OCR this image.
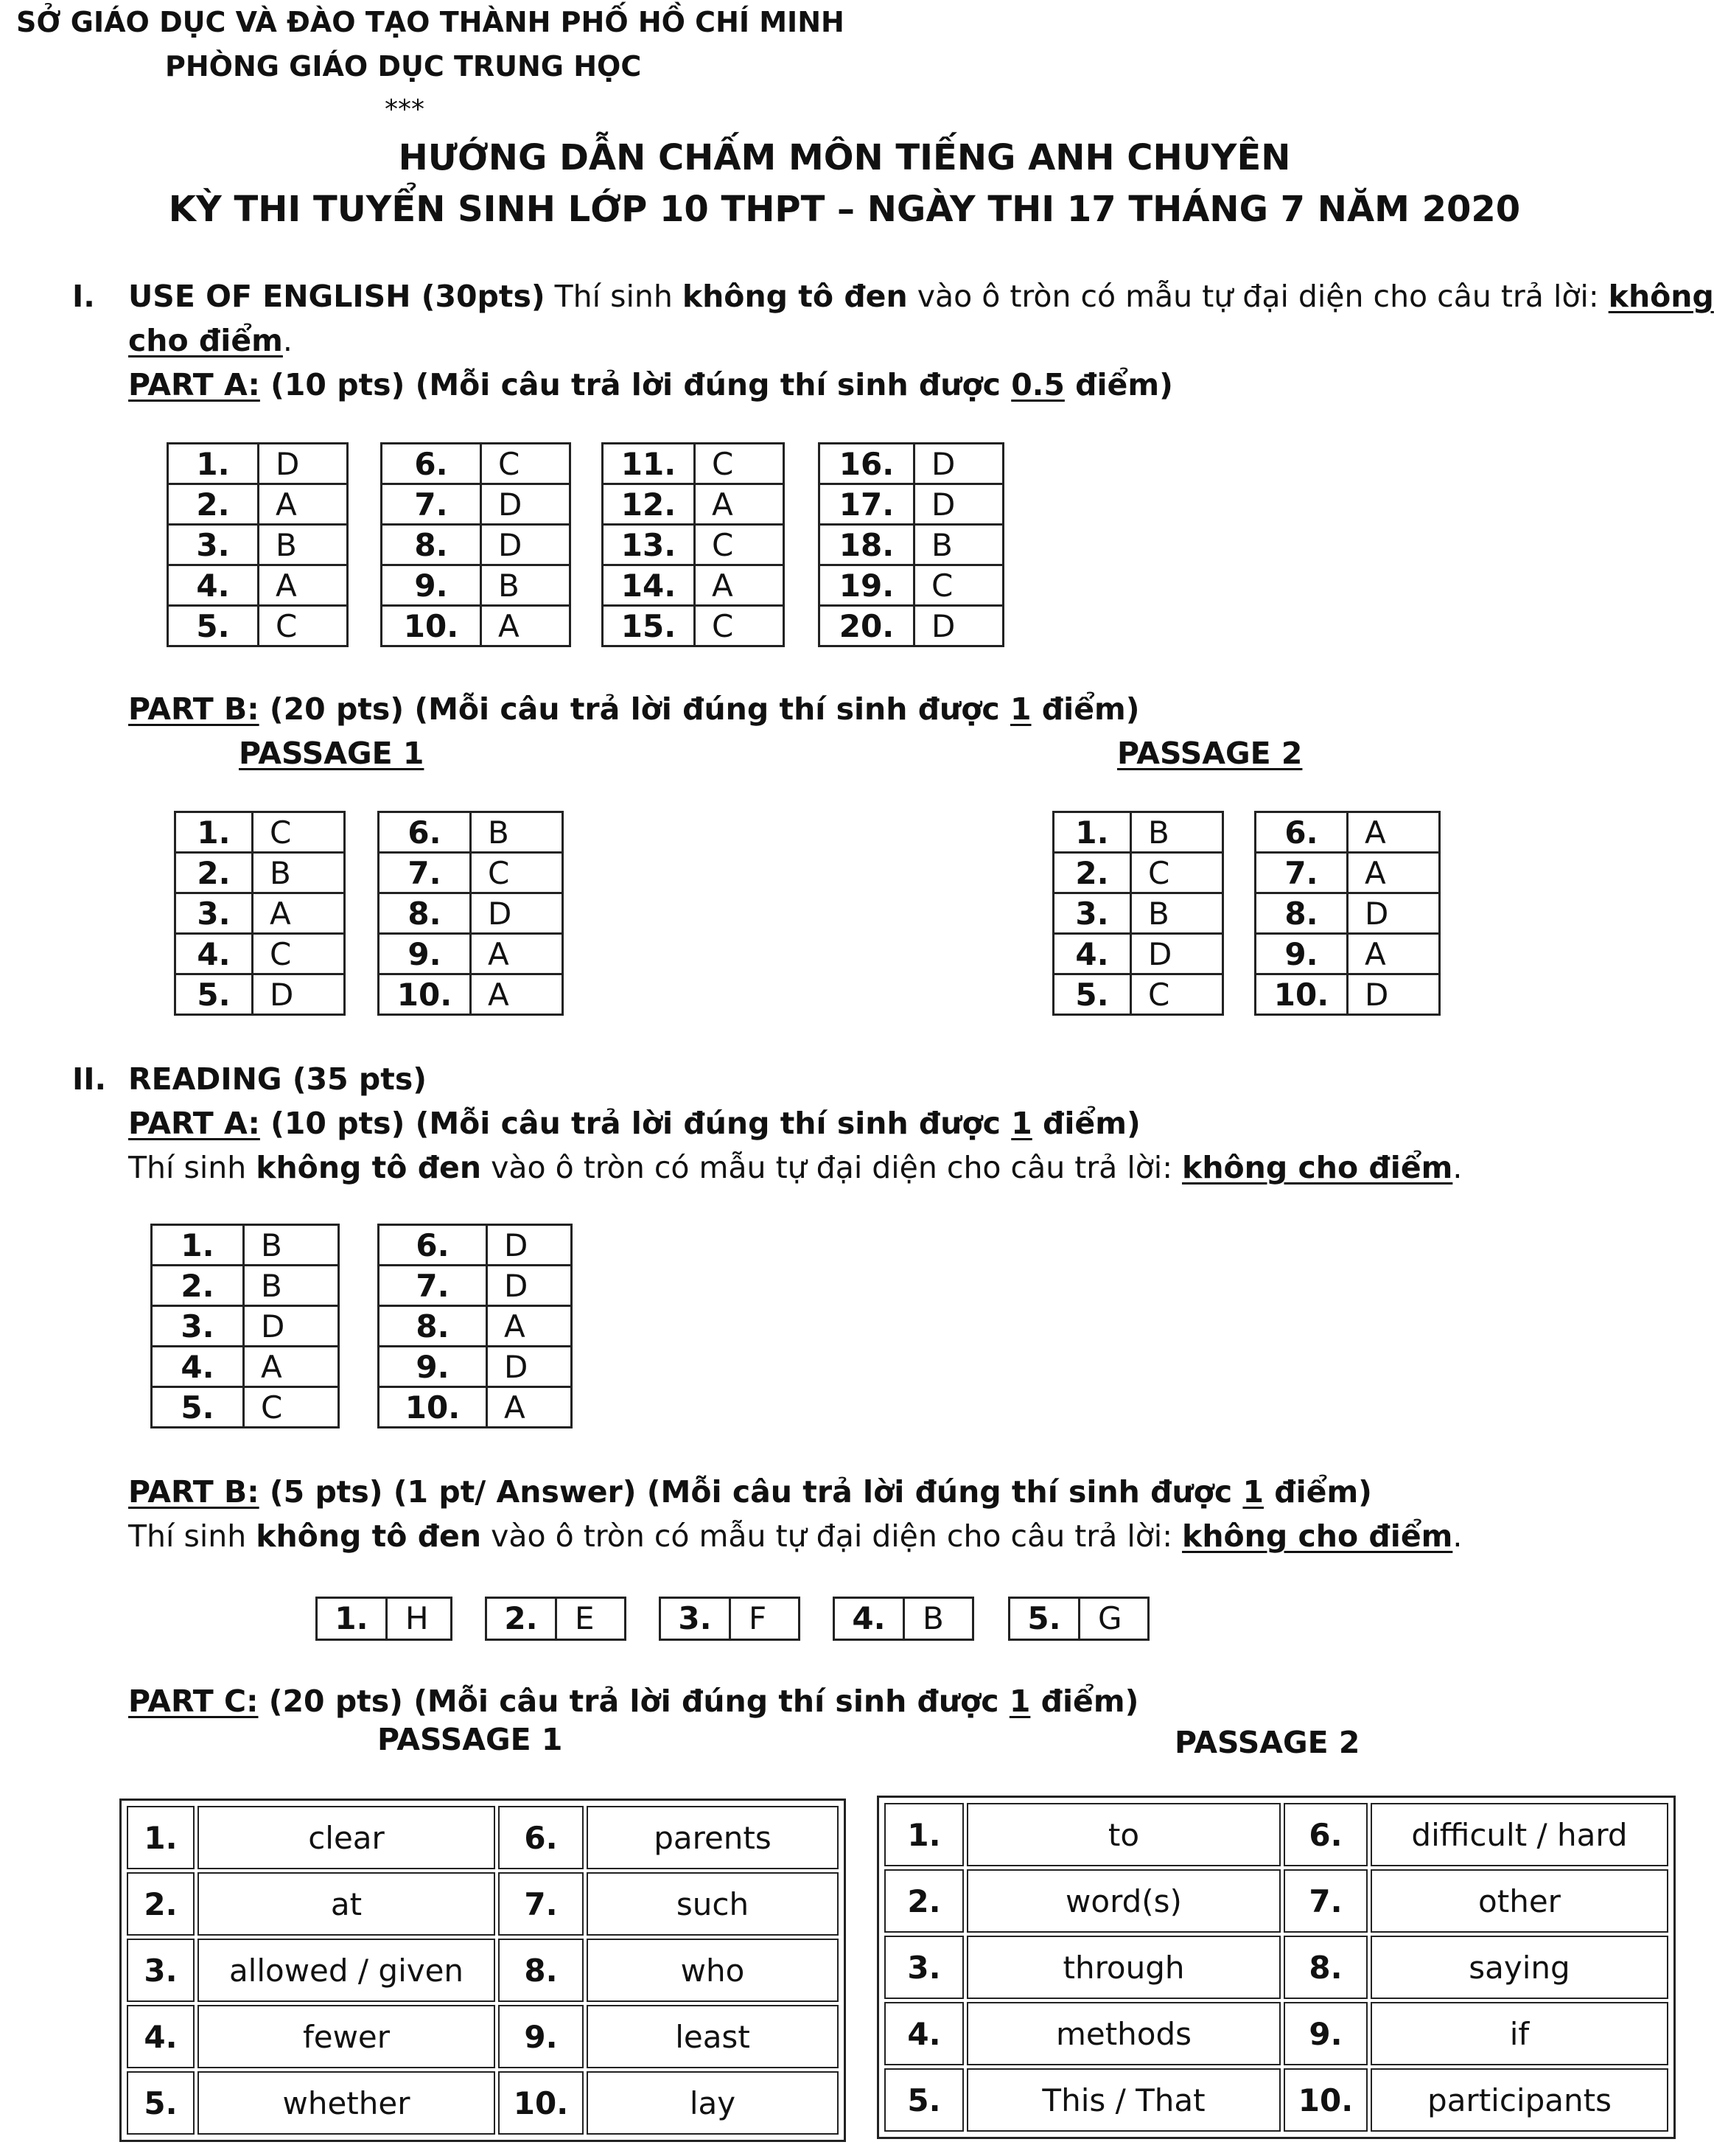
SỞ GIÁO DỤC VÀ ĐÀO TẠO THÀNH PHỐ HỒ CHÍ MINH
PHÒNG GIÁO DỤC TRUNG HỌC
***
HƯỚNG DẪN CHẤM MÔN TIẾNG ANH CHUYÊN
KỲ THI TUYỂN SINH LỚP 10 THPT – NGÀY THI 17 THÁNG 7 NĂM 2020
I. USE OF ENGLISH (30pts) Thí sinh không tô đen vào ô tròn có mẫu tự đại diện cho câu trả lời: không
cho điểm.
PART A: (10 pts) (Mỗi câu trả lời đúng thí sinh được 0.5 điểm)
1.	D
2.	A
3.	B
4.	A
5.	C
6.	C
7.	D
8.	D
9.	B
10.	A
11.	C
12.	A
13.	C
14.	A
15.	C
16.	D
17.	D
18.	B
19.	C
20.	D
PART B: (20 pts) (Mỗi câu trả lời đúng thí sinh được 1 điểm)
PASSAGE 1	PASSAGE 2
1.	C
2.	B
3.	A
4.	C
5.	D
6.	B
7.	C
8.	D
9.	A
10.	A
1.	B
2.	C
3.	B
4.	D
5.	C
6.	A
7.	A
8.	D
9.	A
10.	D
II. READING (35 pts)
PART A: (10 pts) (Mỗi câu trả lời đúng thí sinh được 1 điểm)
Thí sinh không tô đen vào ô tròn có mẫu tự đại diện cho câu trả lời: không cho điểm.
1.	B
2.	B
3.	D
4.	A
5.	C
6.	D
7.	D
8.	A
9.	D
10.	A
PART B: (5 pts) (1 pt/ Answer) (Mỗi câu trả lời đúng thí sinh được 1 điểm)
Thí sinh không tô đen vào ô tròn có mẫu tự đại diện cho câu trả lời: không cho điểm.
1.	H	2.	E	3.	F	4.	B	5.	G
PART C: (20 pts) (Mỗi câu trả lời đúng thí sinh được 1 điểm)
PASSAGE 1	PASSAGE 2
1.	clear	6.	parents
2.	at	7.	such
3.	allowed / given	8.	who
4.	fewer	9.	least
5.	whether	10.	lay
1.	to	6.	difficult / hard
2.	word(s)	7.	other
3.	through	8.	saying
4.	methods	9.	if
5.	This / That	10.	participants
